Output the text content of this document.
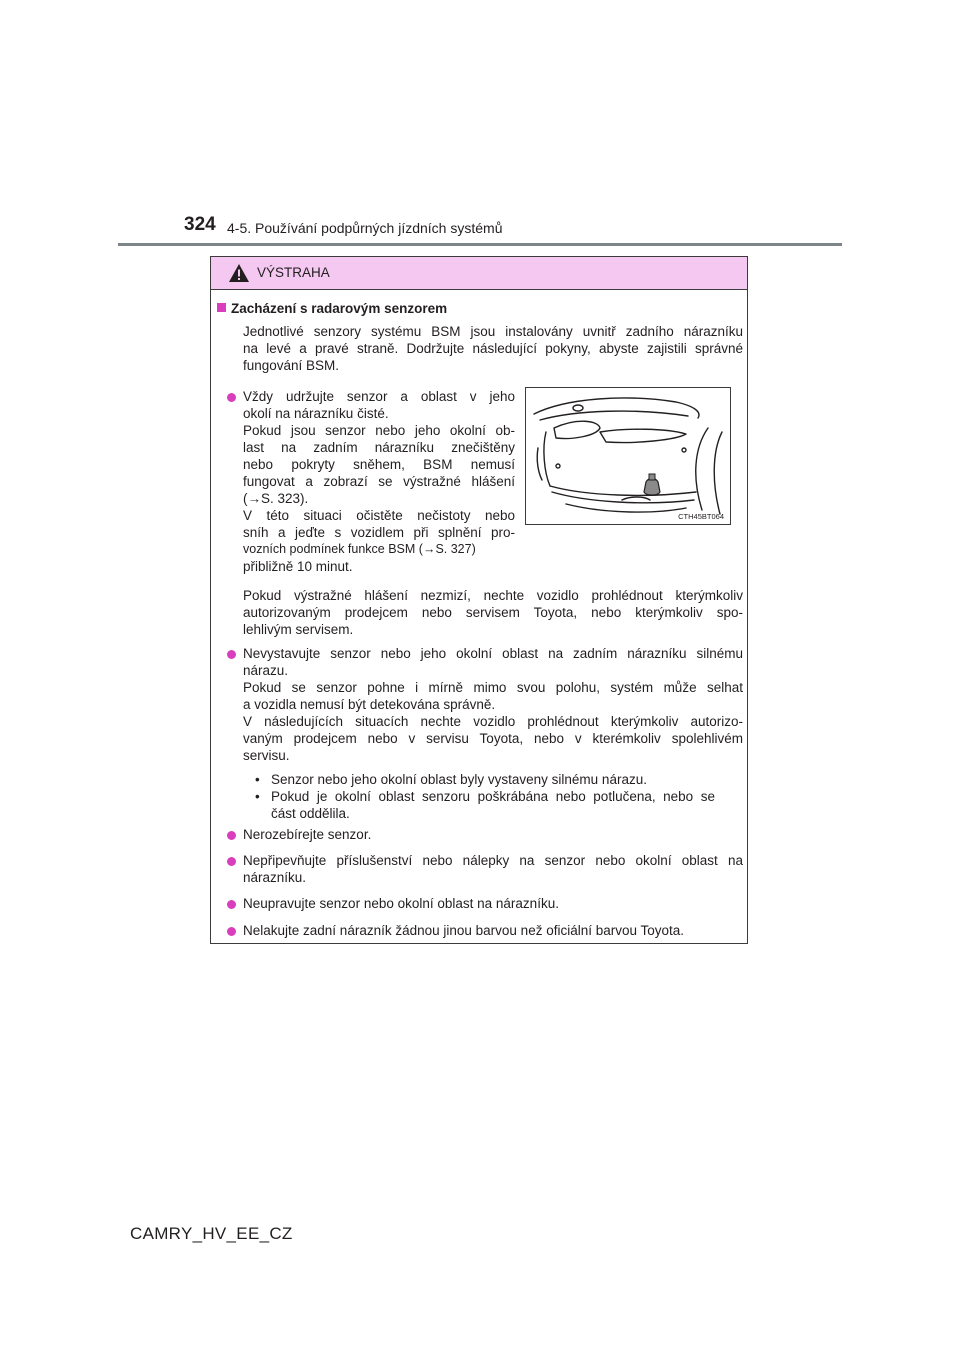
324 4-5. Používání podpůrných jízdních systémů
VÝSTRAHA
Zacházení s radarovým senzorem
Jednotlivé senzory systému BSM jsou instalovány uvnitř zadního nárazníku
na levé a pravé straně. Dodržujte následující pokyny, abyste zajistili správné
fungování BSM.
Vždy udržujte senzor a oblast v jeho
okolí na nárazníku čisté.
Pokud jsou senzor nebo jeho okolní ob-
last na zadním nárazníku znečištěny
nebo pokryty sněhem, BSM nemusí
fungovat a zobrazí se výstražné hlášení
(→S. 323).
V této situaci očistěte nečistoty nebo
sníh a jeďte s vozidlem při splnění pro-
vozních podmínek funkce BSM (→S. 327)
přibližně 10 minut.
CTH45BT064
Pokud výstražné hlášení nezmizí, nechte vozidlo prohlédnout kterýmkoliv
autorizovaným prodejcem nebo servisem Toyota, nebo kterýmkoliv spo-
lehlivým servisem.
Nevystavujte senzor nebo jeho okolní oblast na zadním nárazníku silnému
nárazu.
Pokud se senzor pohne i mírně mimo svou polohu, systém může selhat
a vozidla nemusí být detekována správně.
V následujících situacích nechte vozidlo prohlédnout kterýmkoliv autorizo-
vaným prodejcem nebo v servisu Toyota, nebo v kterémkoliv spolehlivém
servisu.
• Senzor nebo jeho okolní oblast byly vystaveny silnému nárazu.
• Pokud je okolní oblast senzoru poškrábána nebo potlučena, nebo se
část oddělila.
Nerozebírejte senzor.
Nepřipevňujte příslušenství nebo nálepky na senzor nebo okolní oblast na
nárazníku.
Neupravujte senzor nebo okolní oblast na nárazníku.
Nelakujte zadní nárazník žádnou jinou barvou než oficiální barvou Toyota.
CAMRY_HV_EE_CZ
